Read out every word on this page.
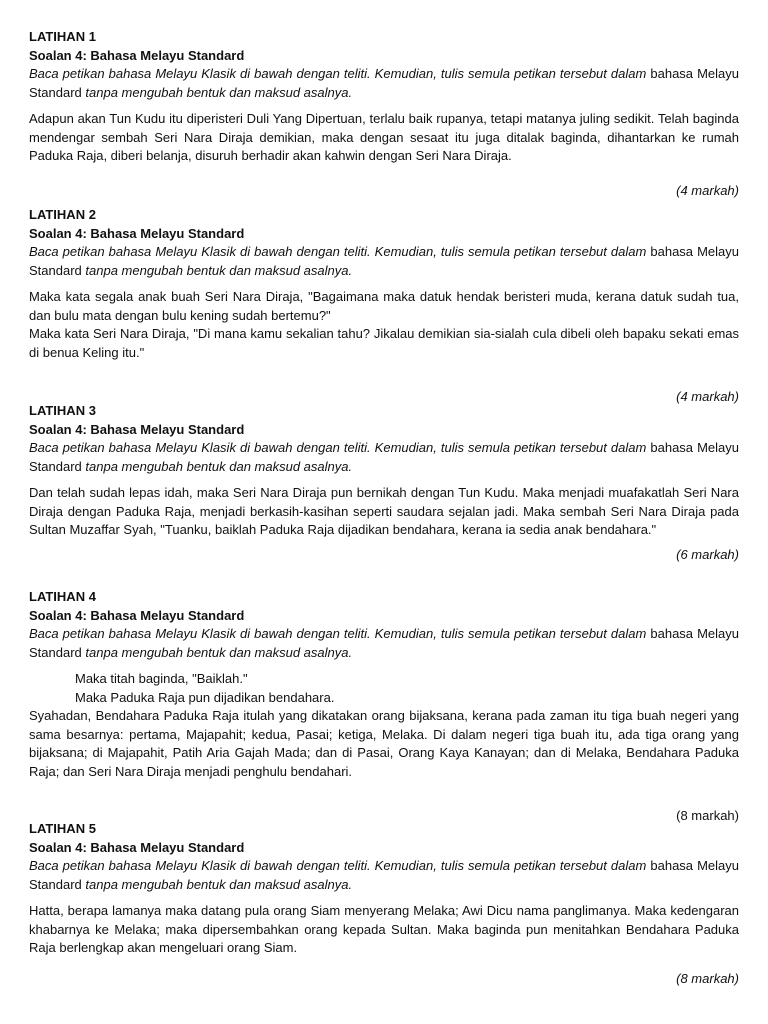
LATIHAN 1
Soalan 4: Bahasa Melayu Standard
Baca petikan bahasa Melayu Klasik di bawah dengan teliti. Kemudian, tulis semula petikan tersebut dalam bahasa Melayu Standard tanpa mengubah bentuk dan maksud asalnya.
Adapun akan Tun Kudu itu diperisteri Duli Yang Dipertuan, terlalu baik rupanya, tetapi matanya juling sedikit. Telah baginda mendengar sembah Seri Nara Diraja demikian, maka dengan sesaat itu juga ditalak baginda, dihantarkan ke rumah Paduka Raja, diberi belanja, disuruh berhadir akan kahwin dengan Seri Nara Diraja.
(4 markah)
LATIHAN 2
Soalan 4: Bahasa Melayu Standard
Baca petikan bahasa Melayu Klasik di bawah dengan teliti. Kemudian, tulis semula petikan tersebut dalam bahasa Melayu Standard tanpa mengubah bentuk dan maksud asalnya.
Maka kata segala anak buah Seri Nara Diraja, "Bagaimana maka datuk hendak beristeri muda, kerana datuk sudah tua, dan bulu mata dengan bulu kening sudah bertemu?"
Maka kata Seri Nara Diraja, "Di mana kamu sekalian tahu? Jikalau demikian sia-sialah cula dibeli oleh bapaku sekati emas di benua Keling itu."
(4 markah)
LATIHAN 3
Soalan 4: Bahasa Melayu Standard
Baca petikan bahasa Melayu Klasik di bawah dengan teliti. Kemudian, tulis semula petikan tersebut dalam bahasa Melayu Standard tanpa mengubah bentuk dan maksud asalnya.
Dan telah sudah lepas idah, maka Seri Nara Diraja pun bernikah dengan Tun Kudu. Maka menjadi muafakatlah Seri Nara Diraja dengan Paduka Raja, menjadi berkasih-kasihan seperti saudara sejalan jadi. Maka sembah Seri Nara Diraja pada Sultan Muzaffar Syah, "Tuanku, baiklah Paduka Raja dijadikan bendahara, kerana ia sedia anak bendahara."
(6 markah)
LATIHAN 4
Soalan 4: Bahasa Melayu Standard
Baca petikan bahasa Melayu Klasik di bawah dengan teliti. Kemudian, tulis semula petikan tersebut dalam bahasa Melayu Standard tanpa mengubah bentuk dan maksud asalnya.
Maka titah baginda, "Baiklah."
Maka Paduka Raja pun dijadikan bendahara.
Syahadan, Bendahara Paduka Raja itulah yang dikatakan orang bijaksana, kerana pada zaman itu tiga buah negeri yang sama besarnya: pertama, Majapahit; kedua, Pasai; ketiga, Melaka. Di dalam negeri tiga buah itu, ada tiga orang yang bijaksana; di Majapahit, Patih Aria Gajah Mada; dan di Pasai, Orang Kaya Kanayan; dan di Melaka, Bendahara Paduka Raja; dan Seri Nara Diraja menjadi penghulu bendahari.
(8 markah)
LATIHAN 5
Soalan 4: Bahasa Melayu Standard
Baca petikan bahasa Melayu Klasik di bawah dengan teliti. Kemudian, tulis semula petikan tersebut dalam bahasa Melayu Standard tanpa mengubah bentuk dan maksud asalnya.
Hatta, berapa lamanya maka datang pula orang Siam menyerang Melaka; Awi Dicu nama panglimanya. Maka kedengaran khabarnya ke Melaka; maka dipersembahkan orang kepada Sultan. Maka baginda pun menitahkan Bendahara Paduka Raja berlengkap akan mengeluari orang Siam.
(8 markah)
